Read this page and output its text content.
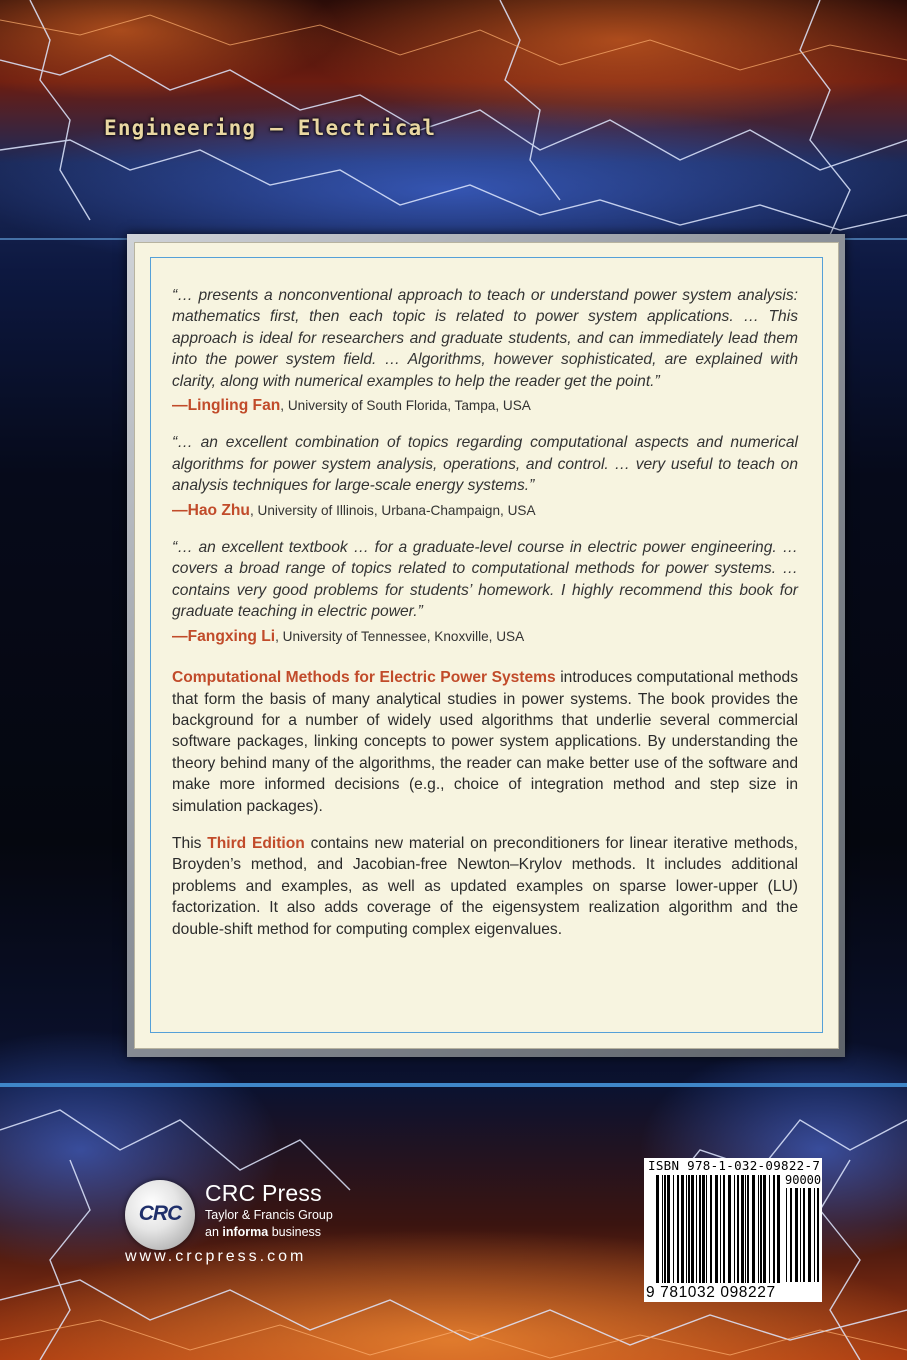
Engineering – Electrical

“… presents a nonconventional approach to teach or understand power system analysis: mathematics first, then each topic is related to power system applications. … This approach is ideal for researchers and graduate students, and can immediately lead them into the power system field. … Algorithms, however sophisticated, are explained with clarity, along with numerical examples to help the reader get the point.”

—Lingling Fan, University of South Florida, Tampa, USA

“… an excellent combination of topics regarding computational aspects and numerical algorithms for power system analysis, operations, and control. … very useful to teach on analysis techniques for large-scale energy systems.”

—Hao Zhu, University of Illinois, Urbana-Champaign, USA

“… an excellent textbook … for a graduate-level course in electric power engineering. … covers a broad range of topics related to computational methods for power systems. … contains very good problems for students’ homework. I highly recommend this book for graduate teaching in electric power.”

—Fangxing Li, University of Tennessee, Knoxville, USA

Computational Methods for Electric Power Systems introduces computational methods that form the basis of many analytical studies in power systems. The book provides the background for a number of widely used algorithms that underlie several commercial software packages, linking concepts to power system applications. By understanding the theory behind many of the algorithms, the reader can make better use of the software and make more informed decisions (e.g., choice of integration method and step size in simulation packages).

This Third Edition contains new material on preconditioners for linear iterative methods, Broyden’s method, and Jacobian-free Newton–Krylov methods. It includes additional problems and examples, as well as updated examples on sparse lower-upper (LU) factorization. It also adds coverage of the eigensystem realization algorithm and the double-shift method for computing complex eigenvalues.

CRC
CRC Press
Taylor & Francis Group
an informa business
www.crcpress.com
ISBN 978-1-032-09822-7
90000
9 781032 098227
